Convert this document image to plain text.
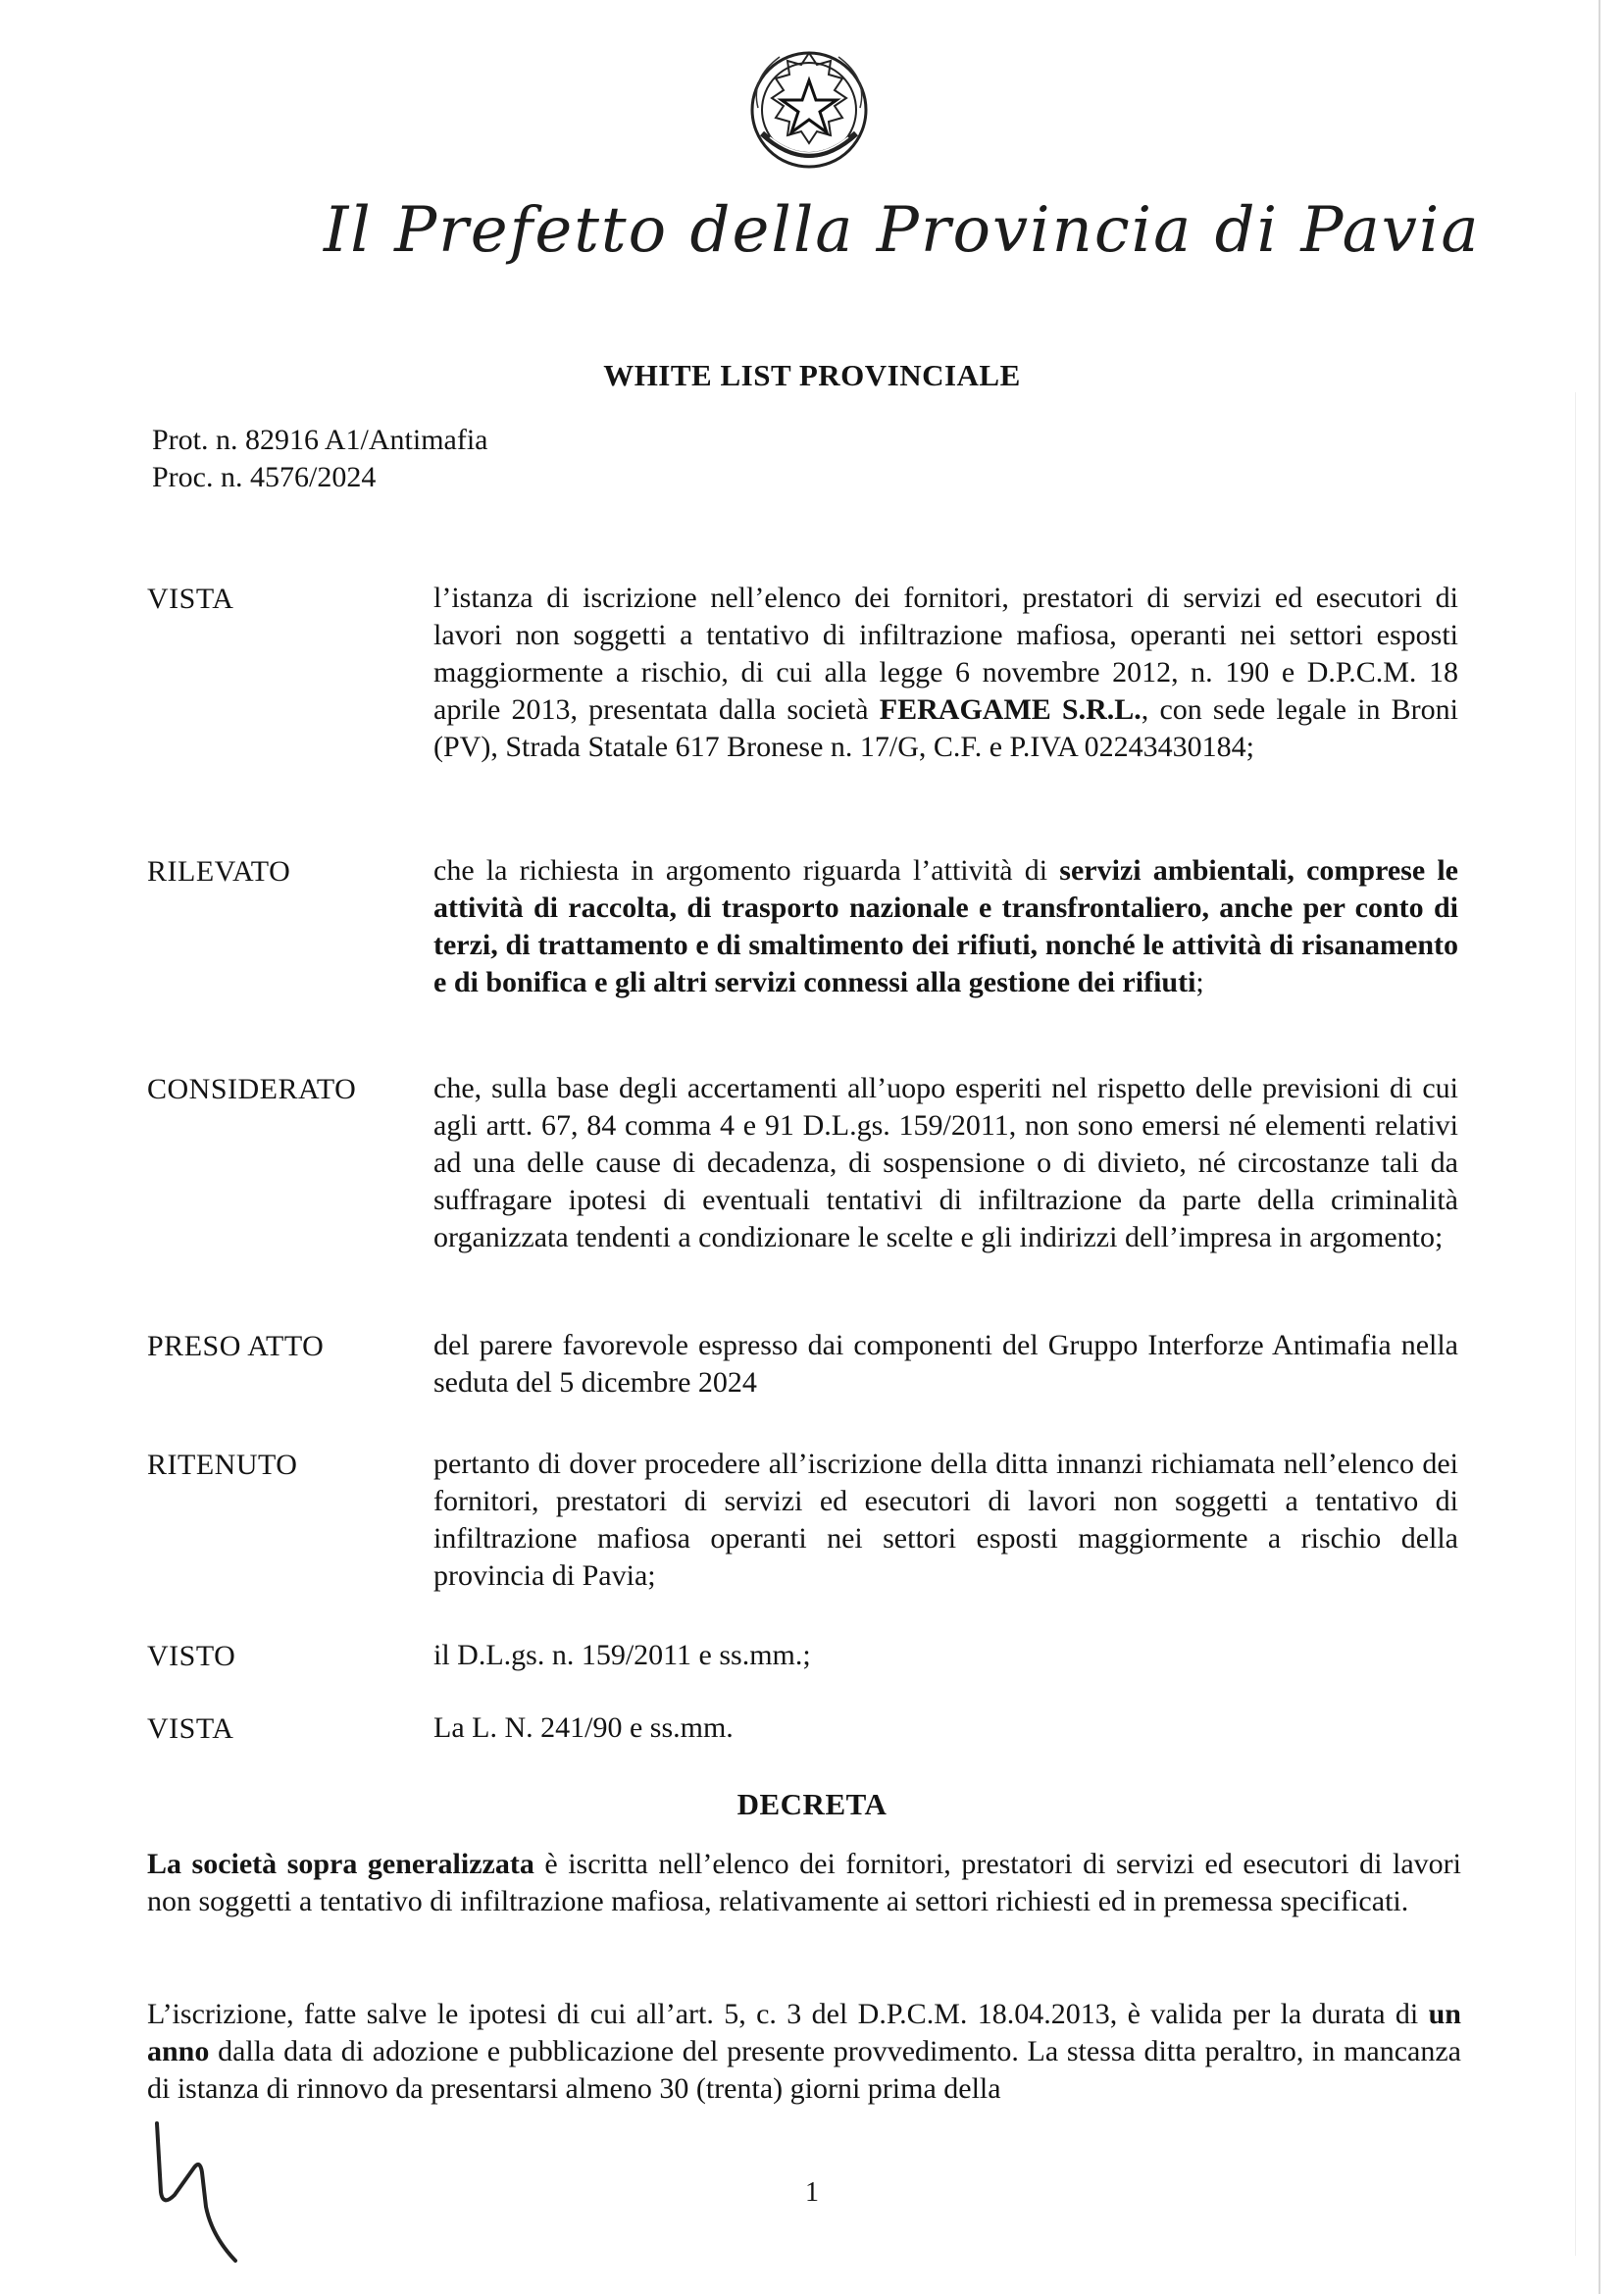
Il Prefetto della Provincia di Pavia
WHITE LIST PROVINCIALE
Prot. n. 82916 A1/Antimafia
Proc. n. 4576/2024
VISTA	l’istanza di iscrizione nell’elenco dei fornitori, prestatori di servizi ed esecutori di lavori non soggetti a tentativo di infiltrazione mafiosa, operanti nei settori esposti maggiormente a rischio, di cui alla legge 6 novembre 2012, n. 190 e D.P.C.M. 18 aprile 2013, presentata dalla società FERAGAME S.R.L., con sede legale in Broni (PV), Strada Statale 617 Bronese n. 17/G, C.F. e P.IVA 02243430184;
RILEVATO	che la richiesta in argomento riguarda l’attività di servizi ambientali, comprese le attività di raccolta, di trasporto nazionale e transfrontaliero, anche per conto di terzi, di trattamento e di smaltimento dei rifiuti, nonché le attività di risanamento e di bonifica e gli altri servizi connessi alla gestione dei rifiuti;
CONSIDERATO	che, sulla base degli accertamenti all’uopo esperiti nel rispetto delle previsioni di cui agli artt. 67, 84 comma 4 e 91 D.L.gs. 159/2011, non sono emersi né elementi relativi ad una delle cause di decadenza, di sospensione o di divieto, né circostanze tali da suffragare ipotesi di eventuali tentativi di infiltrazione da parte della criminalità organizzata tendenti a condizionare le scelte e gli indirizzi dell’impresa in argomento;
PRESO ATTO	del parere favorevole espresso dai componenti del Gruppo Interforze Antimafia nella seduta del 5 dicembre 2024
RITENUTO	pertanto di dover procedere all’iscrizione della ditta innanzi richiamata nell’elenco dei fornitori, prestatori di servizi ed esecutori di lavori non soggetti a tentativo di infiltrazione mafiosa operanti nei settori esposti maggiormente a rischio della provincia di Pavia;
VISTO	il D.L.gs. n. 159/2011 e ss.mm.;
VISTA	La L. N. 241/90 e ss.mm.
DECRETA
La società sopra generalizzata è iscritta nell’elenco dei fornitori, prestatori di servizi ed esecutori di lavori non soggetti a tentativo di infiltrazione mafiosa, relativamente ai settori richiesti ed in premessa specificati.
L’iscrizione, fatte salve le ipotesi di cui all’art. 5, c. 3 del D.P.C.M. 18.04.2013, è valida per la durata di un anno dalla data di adozione e pubblicazione del presente provvedimento. La stessa ditta peraltro, in mancanza di istanza di rinnovo da presentarsi almeno 30 (trenta) giorni prima della
1
